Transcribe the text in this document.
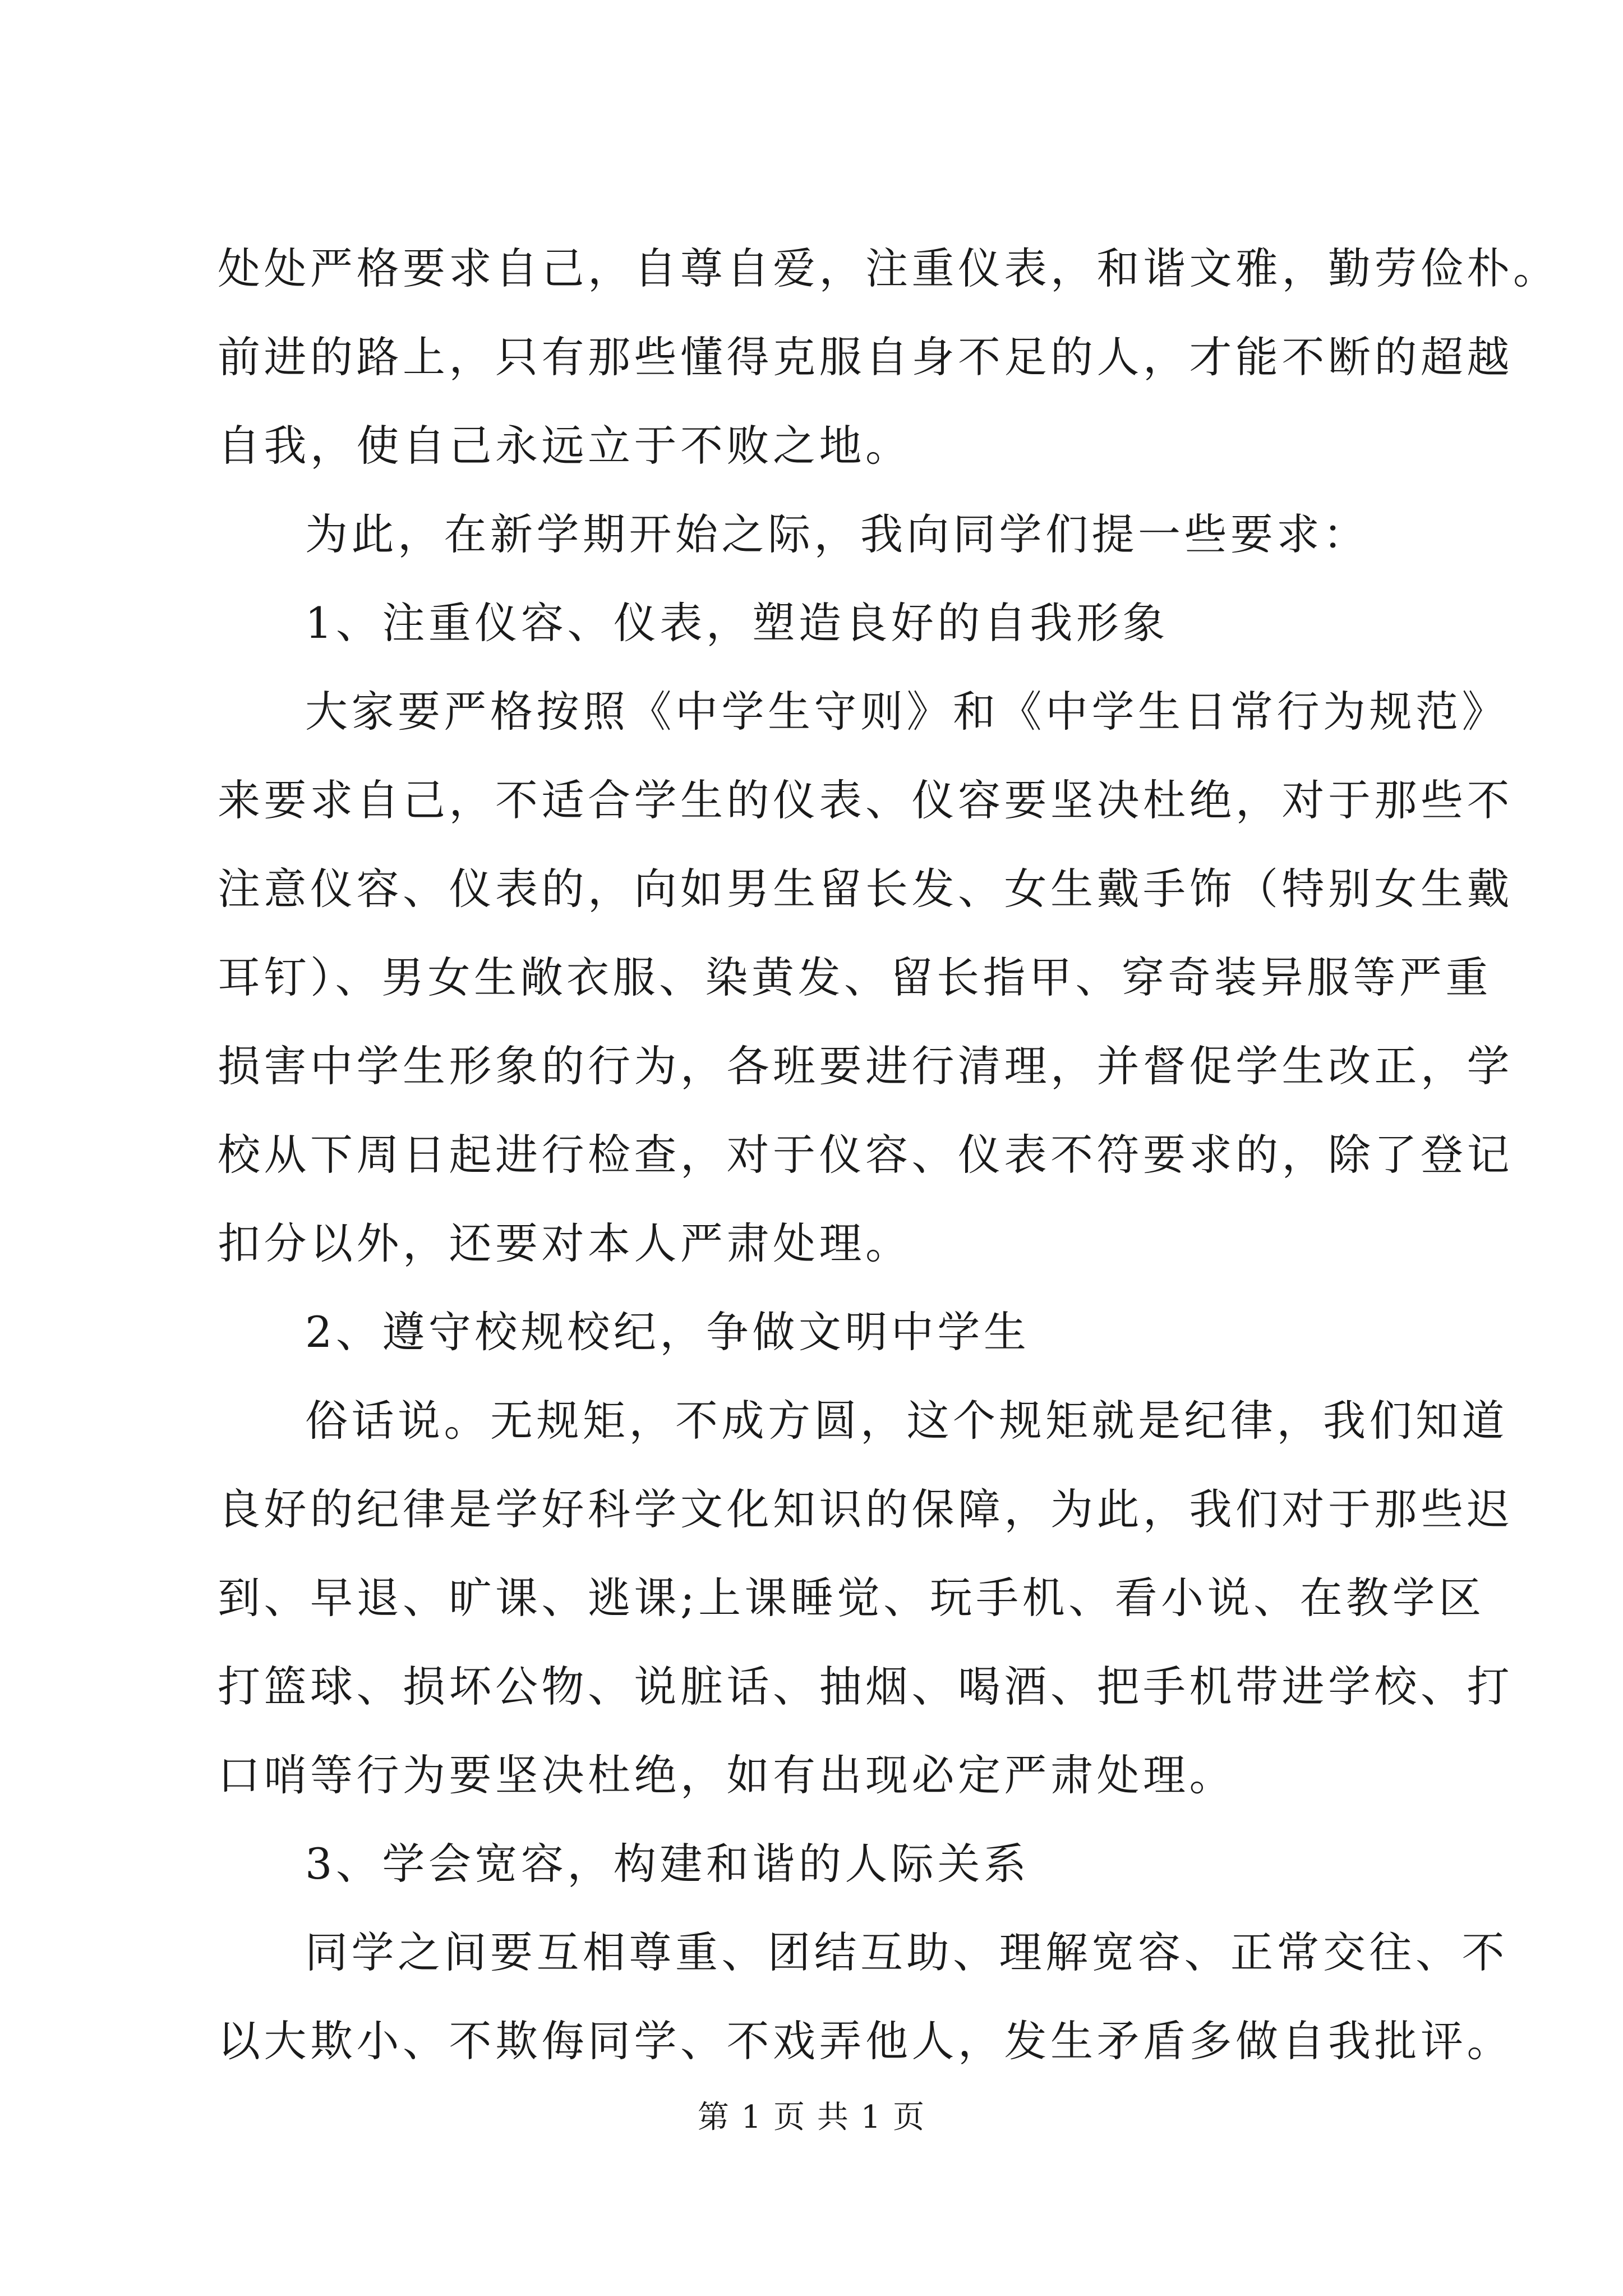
处处严格要求自己，自尊自爱，注重仪表，和谐文雅，勤劳俭朴。
前进的路上，只有那些懂得克服自身不足的人，才能不断的超越
自我，使自己永远立于不败之地。
为此，在新学期开始之际，我向同学们提一些要求：
1、注重仪容、仪表，塑造良好的自我形象
大家要严格按照《中学生守则》和《中学生日常行为规范》
来要求自己，不适合学生的仪表、仪容要坚决杜绝，对于那些不
注意仪容、仪表的，向如男生留长发、女生戴手饰（特别女生戴
耳钉）、男女生敞衣服、染黄发、留长指甲、穿奇装异服等严重
损害中学生形象的行为，各班要进行清理，并督促学生改正，学
校从下周日起进行检查，对于仪容、仪表不符要求的，除了登记
扣分以外，还要对本人严肃处理。
2、遵守校规校纪，争做文明中学生
俗话说。无规矩，不成方圆，这个规矩就是纪律，我们知道
良好的纪律是学好科学文化知识的保障，为此，我们对于那些迟
到、早退、旷课、逃课;上课睡觉、玩手机、看小说、在教学区
打篮球、损坏公物、说脏话、抽烟、喝酒、把手机带进学校、打
口哨等行为要坚决杜绝，如有出现必定严肃处理。
3、学会宽容，构建和谐的人际关系
同学之间要互相尊重、团结互助、理解宽容、正常交往、不
以大欺小、不欺侮同学、不戏弄他人，发生矛盾多做自我批评。
第 1 页 共 1 页
